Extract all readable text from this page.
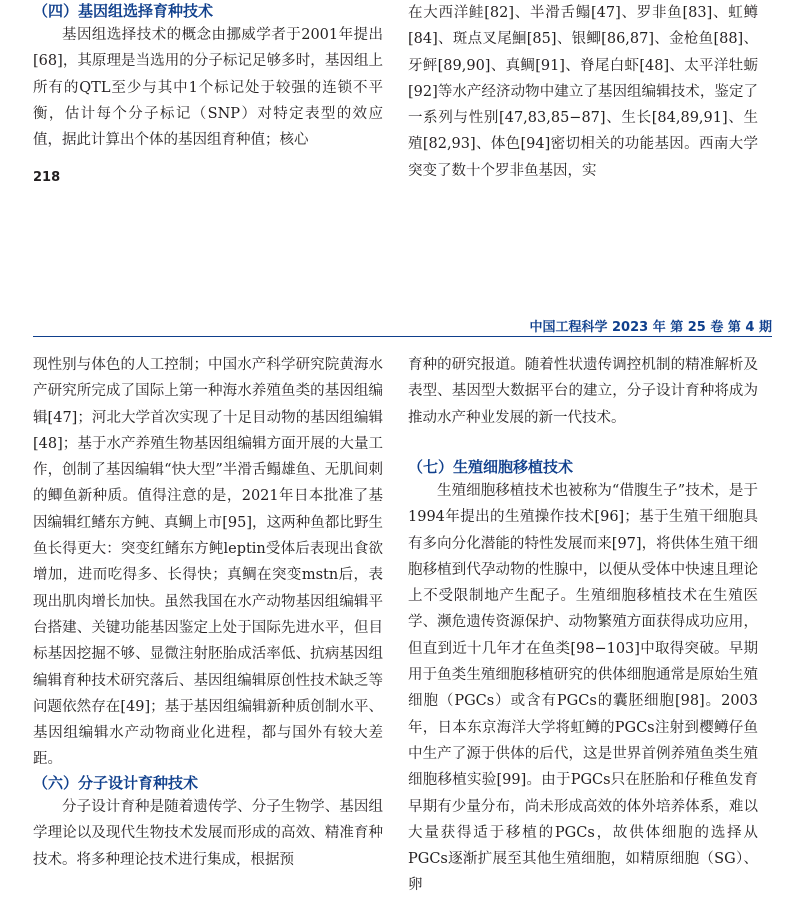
（四）基因组选择育种技术

基因组选择技术的概念由挪威学者于2001年提出[68]，其原理是当选用的分子标记足够多时，基因组上所有的QTL至少与其中1个标记处于较强的连锁不平衡，估计每个分子标记（SNP）对特定表型的效应值，据此计算出个体的基因组育种值；核心

在大西洋鲑[82]、半滑舌鳎[47]、罗非鱼[83]、虹鳟[84]、斑点叉尾鮰[85]、银鲫[86,87]、金枪鱼[88]、牙鲆[89,90]、真鲷[91]、脊尾白虾[48]、太平洋牡蛎[92]等水产经济动物中建立了基因组编辑技术，鉴定了一系列与性别[47,83,85−87]、生长[84,89,91]、生殖[82,93]、体色[94]密切相关的功能基因。西南大学突变了数十个罗非鱼基因，实

218

中国工程科学 2023 年 第 25 卷 第 4 期

现性别与体色的人工控制；中国水产科学研究院黄海水产研究所完成了国际上第一种海水养殖鱼类的基因组编辑[47]；河北大学首次实现了十足目动物的基因组编辑[48]；基于水产养殖生物基因组编辑方面开展的大量工作，创制了基因编辑“快大型”半滑舌鳎雄鱼、无肌间刺的鲫鱼新种质。值得注意的是，2021年日本批准了基因编辑红鳍东方鲀、真鲷上市[95]，这两种鱼都比野生鱼长得更大：突变红鳍东方鲀leptin受体后表现出食欲增加，进而吃得多、长得快；真鲷在突变mstn后，表现出肌肉增长加快。虽然我国在水产动物基因组编辑平台搭建、关键功能基因鉴定上处于国际先进水平，但目标基因挖掘不够、显微注射胚胎成活率低、抗病基因组编辑育种技术研究落后、基因组编辑原创性技术缺乏等问题依然存在[49]；基于基因组编辑新种质创制水平、基因组编辑水产动物商业化进程，都与国外有较大差距。

（六）分子设计育种技术

分子设计育种是随着遗传学、分子生物学、基因组学理论以及现代生物技术发展而形成的高效、精准育种技术。将多种理论技术进行集成，根据预

育种的研究报道。随着性状遗传调控机制的精准解析及表型、基因型大数据平台的建立，分子设计育种将成为推动水产种业发展的新一代技术。

（七）生殖细胞移植技术

生殖细胞移植技术也被称为“借腹生子”技术，是于1994年提出的生殖操作技术[96]；基于生殖干细胞具有多向分化潜能的特性发展而来[97]，将供体生殖干细胞移植到代孕动物的性腺中，以便从受体中快速且理论上不受限制地产生配子。生殖细胞移植技术在生殖医学、濒危遗传资源保护、动物繁殖方面获得成功应用，但直到近十几年才在鱼类[98−103]中取得突破。早期用于鱼类生殖细胞移植研究的供体细胞通常是原始生殖细胞（PGCs）或含有PGCs的囊胚细胞[98]。2003年，日本东京海洋大学将虹鳟的PGCs注射到樱鳟仔鱼中生产了源于供体的后代，这是世界首例养殖鱼类生殖细胞移植实验[99]。由于PGCs只在胚胎和仔稚鱼发育早期有少量分布，尚未形成高效的体外培养体系，难以大量获得适于移植的PGCs，故供体细胞的选择从PGCs逐渐扩展至其他生殖细胞，如精原细胞（SG）、卵
